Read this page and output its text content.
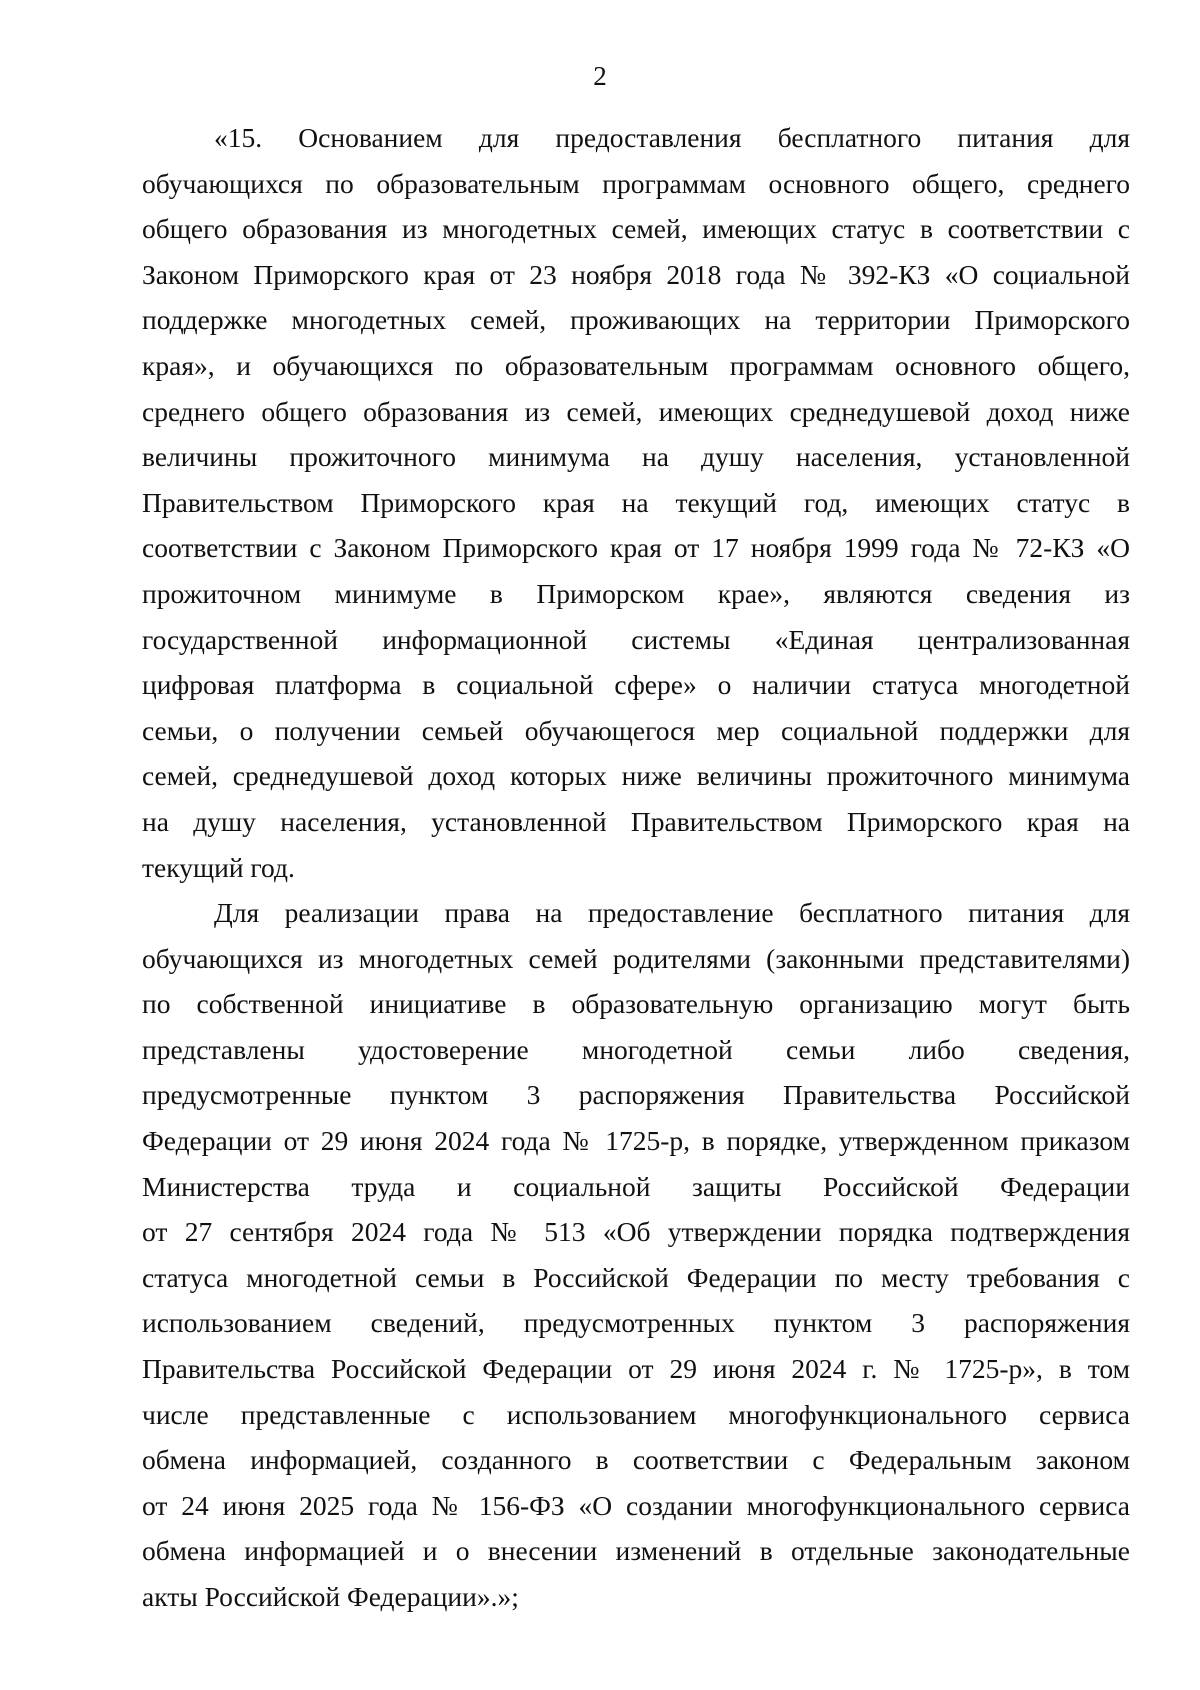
2
«15. Основанием для предоставления бесплатного питания для
обучающихся по образовательным программам основного общего, среднего
общего образования из многодетных семей, имеющих статус в соответствии с
Законом Приморского края от 23 ноября 2018 года № 392-КЗ «О социальной
поддержке многодетных семей, проживающих на территории Приморского
края», и обучающихся по образовательным программам основного общего,
среднего общего образования из семей, имеющих среднедушевой доход ниже
величины прожиточного минимума на душу населения, установленной
Правительством Приморского края на текущий год, имеющих статус в
соответствии с Законом Приморского края от 17 ноября 1999 года № 72-КЗ «О
прожиточном минимуме в Приморском крае», являются сведения из
государственной информационной системы «Единая централизованная
цифровая платформа в социальной сфере» о наличии статуса многодетной
семьи, о получении семьей обучающегося мер социальной поддержки для
семей, среднедушевой доход которых ниже величины прожиточного минимума
на душу населения, установленной Правительством Приморского края на
текущий год.
Для реализации права на предоставление бесплатного питания для
обучающихся из многодетных семей родителями (законными представителями)
по собственной инициативе в образовательную организацию могут быть
представлены удостоверение многодетной семьи либо сведения,
предусмотренные пунктом 3 распоряжения Правительства Российской
Федерации от 29 июня 2024 года № 1725-р, в порядке, утвержденном приказом
Министерства труда и социальной защиты Российской Федерации
от 27 сентября 2024 года № 513 «Об утверждении порядка подтверждения
статуса многодетной семьи в Российской Федерации по месту требования с
использованием сведений, предусмотренных пунктом 3 распоряжения
Правительства Российской Федерации от 29 июня 2024 г. № 1725-р», в том
числе представленные с использованием многофункционального сервиса
обмена информацией, созданного в соответствии с Федеральным законом
от 24 июня 2025 года № 156-ФЗ «О создании многофункционального сервиса
обмена информацией и о внесении изменений в отдельные законодательные
акты Российской Федерации».»;
